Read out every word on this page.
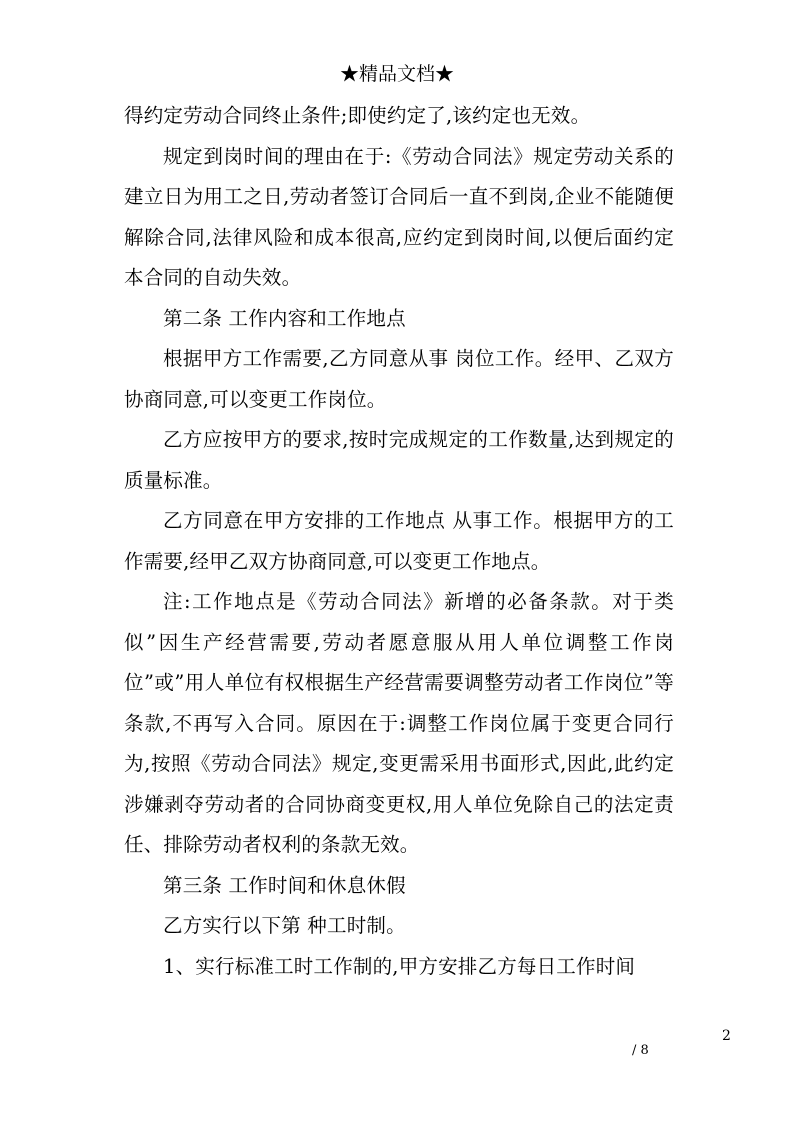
★精品文档★

得约定劳动合同终止条件;即使约定了,该约定也无效。

规定到岗时间的理由在于:《劳动合同法》规定劳动关系的建立日为用工之日,劳动者签订合同后一直不到岗,企业不能随便解除合同,法律风险和成本很高,应约定到岗时间,以便后面约定本合同的自动失效。

第二条 工作内容和工作地点

根据甲方工作需要,乙方同意从事 岗位工作。经甲、乙双方协商同意,可以变更工作岗位。

乙方应按甲方的要求,按时完成规定的工作数量,达到规定的质量标准。

乙方同意在甲方安排的工作地点 从事工作。根据甲方的工作需要,经甲乙双方协商同意,可以变更工作地点。

注:工作地点是《劳动合同法》新增的必备条款。对于类似”因生产经营需要,劳动者愿意服从用人单位调整工作岗位”或”用人单位有权根据生产经营需要调整劳动者工作岗位”等条款,不再写入合同。原因在于:调整工作岗位属于变更合同行为,按照《劳动合同法》规定,变更需采用书面形式,因此,此约定涉嫌剥夺劳动者的合同协商变更权,用人单位免除自己的法定责任、排除劳动者权利的条款无效。

第三条 工作时间和休息休假

乙方实行以下第 种工时制。

1、实行标准工时工作制的,甲方安排乙方每日工作时间

2
/ 8
